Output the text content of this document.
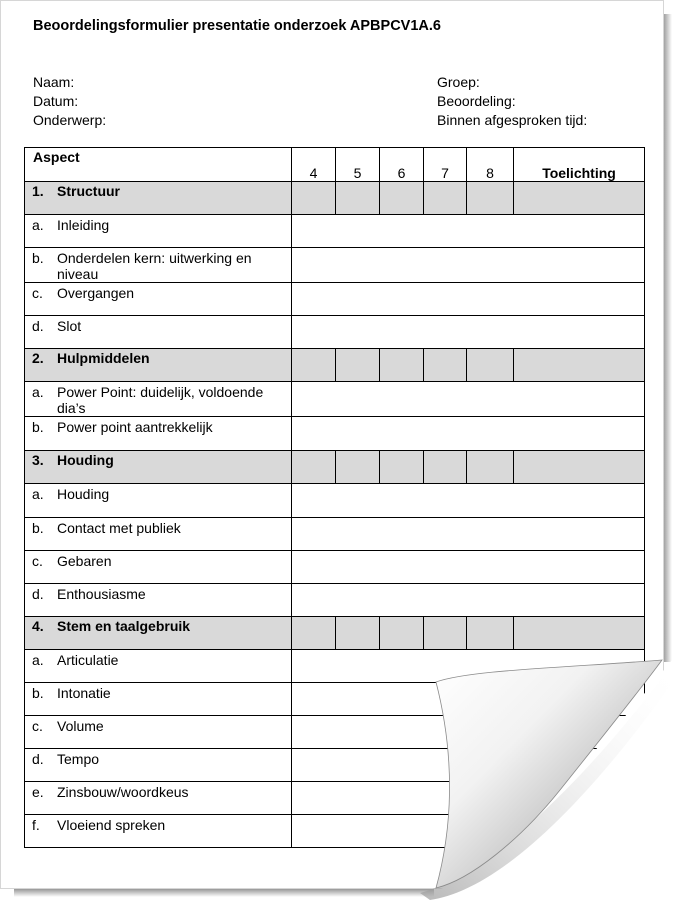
Beoordelingsformulier presentatie onderzoek APBPCV1A.6
Naam:
Datum:
Onderwerp:
Groep:
Beoordeling:
Binnen afgesproken tijd:
Aspect	4	5	6	7	8	Toelichting

1. Structuur						

a. Inleiding						

b. Onderdelen kern: uitwerking en niveau						

c. Overgangen						

d. Slot						

2. Hulpmiddelen						

a. Power Point: duidelijk, voldoende dia’s						

b. Power point aantrekkelijk						

3. Houding						

a. Houding						

b. Contact met publiek						

c. Gebaren						

d. Enthousiasme						

4. Stem en taalgebruik						

a. Articulatie						

b. Intonatie						

c. Volume						

d. Tempo						

e. Zinsbouw/woordkeus						

f. Vloeiend spreken						
